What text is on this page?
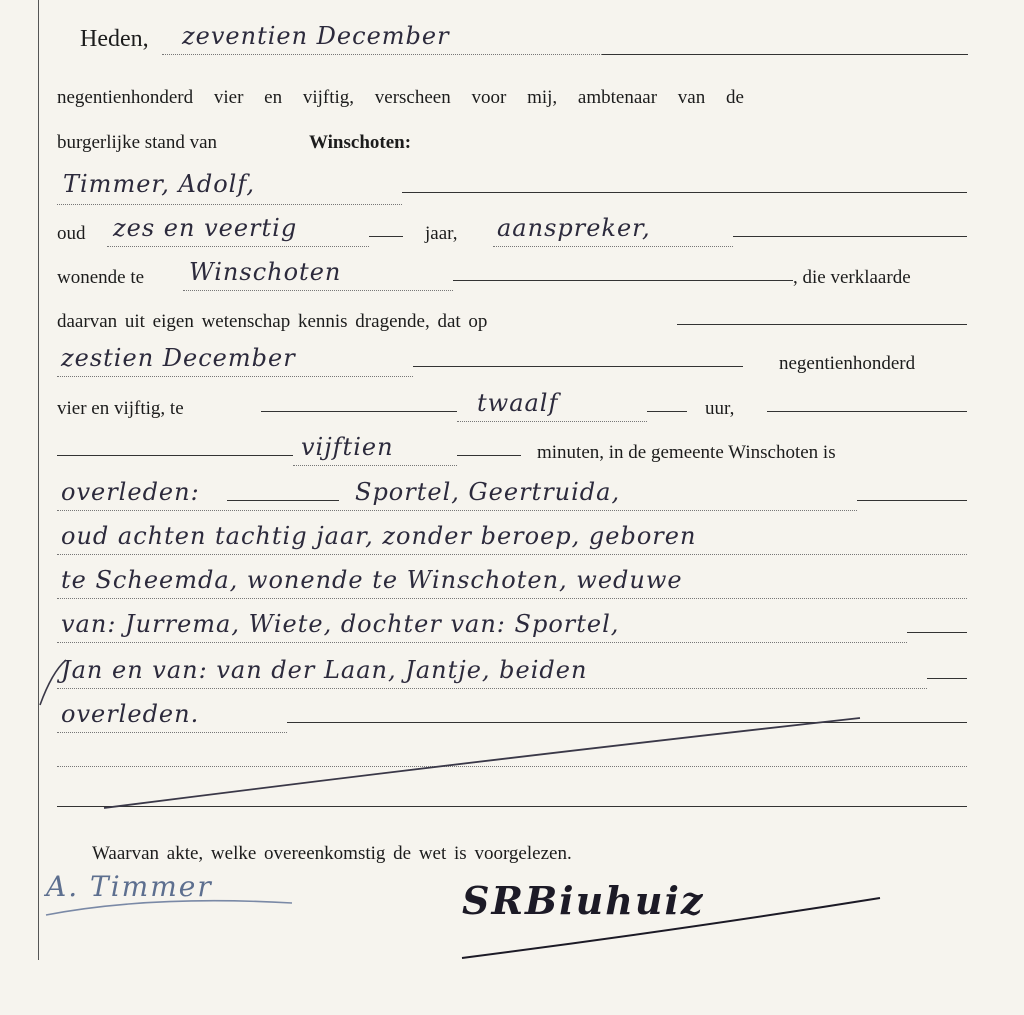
Heden, zeventien December
negentienhonderd vier en vijftig, verscheen voor mij, ambtenaar van de
burgerlijke stand van	Winschoten:
Timmer, Adolf,
oud zes en veertig	jaar, aanspreker,
wonende te Winschoten	, die verklaarde
daarvan uit eigen wetenschap kennis dragende, dat op
zestien December	negentienhonderd
vier en vijftig, te	twaalf	uur,
vijftien	minuten, in de gemeente Winschoten is
overleden:	Sportel, Geertruida,
oud achten tachtig jaar, zonder beroep, geboren
te Scheemda, wonende te Winschoten, weduwe
van: Jurrema, Wiete, dochter van: Sportel,
Jan en van: van der Laan, Jantje, beiden
overleden.
Waarvan akte, welke overeenkomstig de wet is voorgelezen.
A. Timmer	SRBiuhuiz
